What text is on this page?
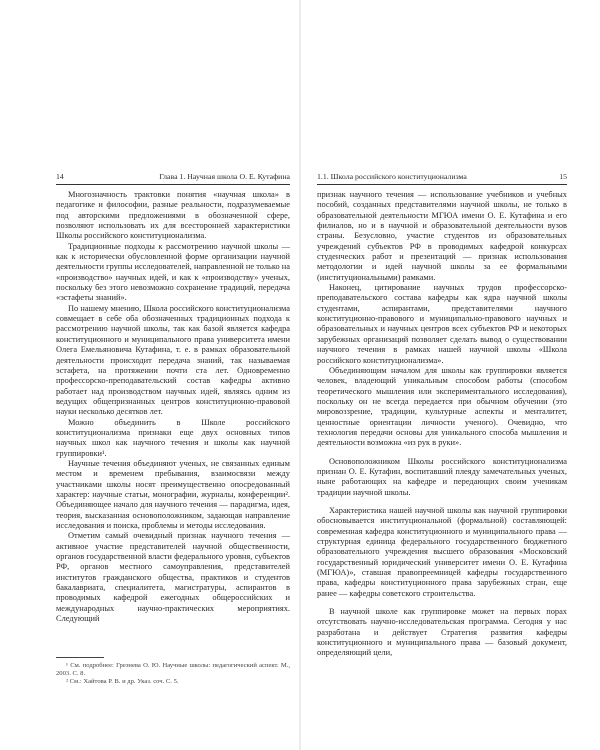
14	Глава 1. Научная школа О. Е. Кутафина

Многозначность трактовки понятия «научная школа» в педагогике и философии, разные реальности, подразумеваемые под авторскими предложениями в обозначенной сфере, позволяют использовать их для всесторонней характеристики Школы российского конституционализма.

Традиционные подходы к рассмотрению научной школы — как к исторически обусловленной форме организации научной деятельности группы исследователей, направленной не только на «производство» научных идей, и как к «производству» ученых, поскольку без этого невозможно сохранение традиций, передача «эстафеты знаний».

По нашему мнению, Школа российского конституционализма совмещает в себе оба обозначенных традиционных подхода к рассмотрению научной школы, так как базой является кафедра конституционного и муниципального права университета имени Олега Емельяновича Кутафина, т. е. в рамках образовательной деятельности происходит передача знаний, так называемая эстафета, на протяжении почти ста лет. Одновременно профессорско-преподавательский состав кафедры активно работает над производством научных идей, являясь одним из ведущих общепризнанных центров конституционно-правовой науки несколько десятков лет.

Можно объединить в Школе российского конституционализма признаки еще двух основных типов научных школ как научного течения и школы как научной группировки¹.

Научные течения объединяют ученых, не связанных единым местом и временем пребывания, взаимосвязи между участниками школы носят преимущественно опосредованный характер: научные статьи, монографии, журналы, конференции². Объединяющее начало для научного течения — парадигма, идея, теория, высказанная основоположником, задающая направление исследования и поиска, проблемы и методы исследования.

Отметим самый очевидный признак научного течения — активное участие представителей научной общественности, органов государственной власти федерального уровня, субъектов РФ, органов местного самоуправления, представителей институтов гражданского общества, практиков и студентов бакалавриата, специалитета, магистратуры, аспирантов в проводимых кафедрой ежегодных общероссийских и международных научно-практических мероприятиях. Следующий

¹ См. подробнее: Грезнева О. Ю. Научные школы: педагогический аспект. М., 2003. С. 8.

² См.: Хайтова Р. В. и др. Указ. соч. С. 5.

1.1. Школа российского конституционализма	15

признак научного течения — использование учебников и учебных пособий, созданных представителями научной школы, не только в образовательной деятельности МГЮА имени О. Е. Кутафина и его филиалов, но и в научной и образовательной деятельности вузов страны. Безусловно, участие студентов из образовательных учреждений субъектов РФ в проводимых кафедрой конкурсах студенческих работ и презентаций — признак использования методологии и идей научной школы за ее формальными (институциональными) рамками.

Наконец, цитирование научных трудов профессорско-преподавательского состава кафедры как ядра научной школы студентами, аспирантами, представителями научного конституционно-правового и муниципально-правового научных и образовательных и научных центров всех субъектов РФ и некоторых зарубежных организаций позволяет сделать вывод о существовании научного течения в рамках нашей научной школы «Школа российского конституционализма».

Объединяющим началом для школы как группировки является человек, владеющий уникальным способом работы (способом теоретического мышления или экспериментального исследования), поскольку он не всегда передается при обычном обучении (это мировоззрение, традиции, культурные аспекты и менталитет, ценностные ориентации личности ученого). Очевидно, что технология передачи основы для уникального способа мышления и деятельности возможна «из рук в руки».

Основоположником Школы российского конституционализма признан О. Е. Кутафин, воспитавший плеяду замечательных ученых, ныне работающих на кафедре и передающих своим ученикам традиции научной школы.

Характеристика нашей научной школы как научной группировки обосновывается институциональной (формальной) составляющей: современная кафедра конституционного и муниципального права — структурная единица федерального государственного бюджетного образовательного учреждения высшего образования «Московский государственный юридический университет имени О. Е. Кутафина (МГЮА)», ставшая правопреемницей кафедры государственного права, кафедры конституционного права зарубежных стран, еще ранее — кафедры советского строительства.

В научной школе как группировке может на первых порах отсутствовать научно-исследовательская программа. Сегодня у нас разработана и действует Стратегия развития кафедры конституционного и муниципального права — базовый документ, определяющий цели,
